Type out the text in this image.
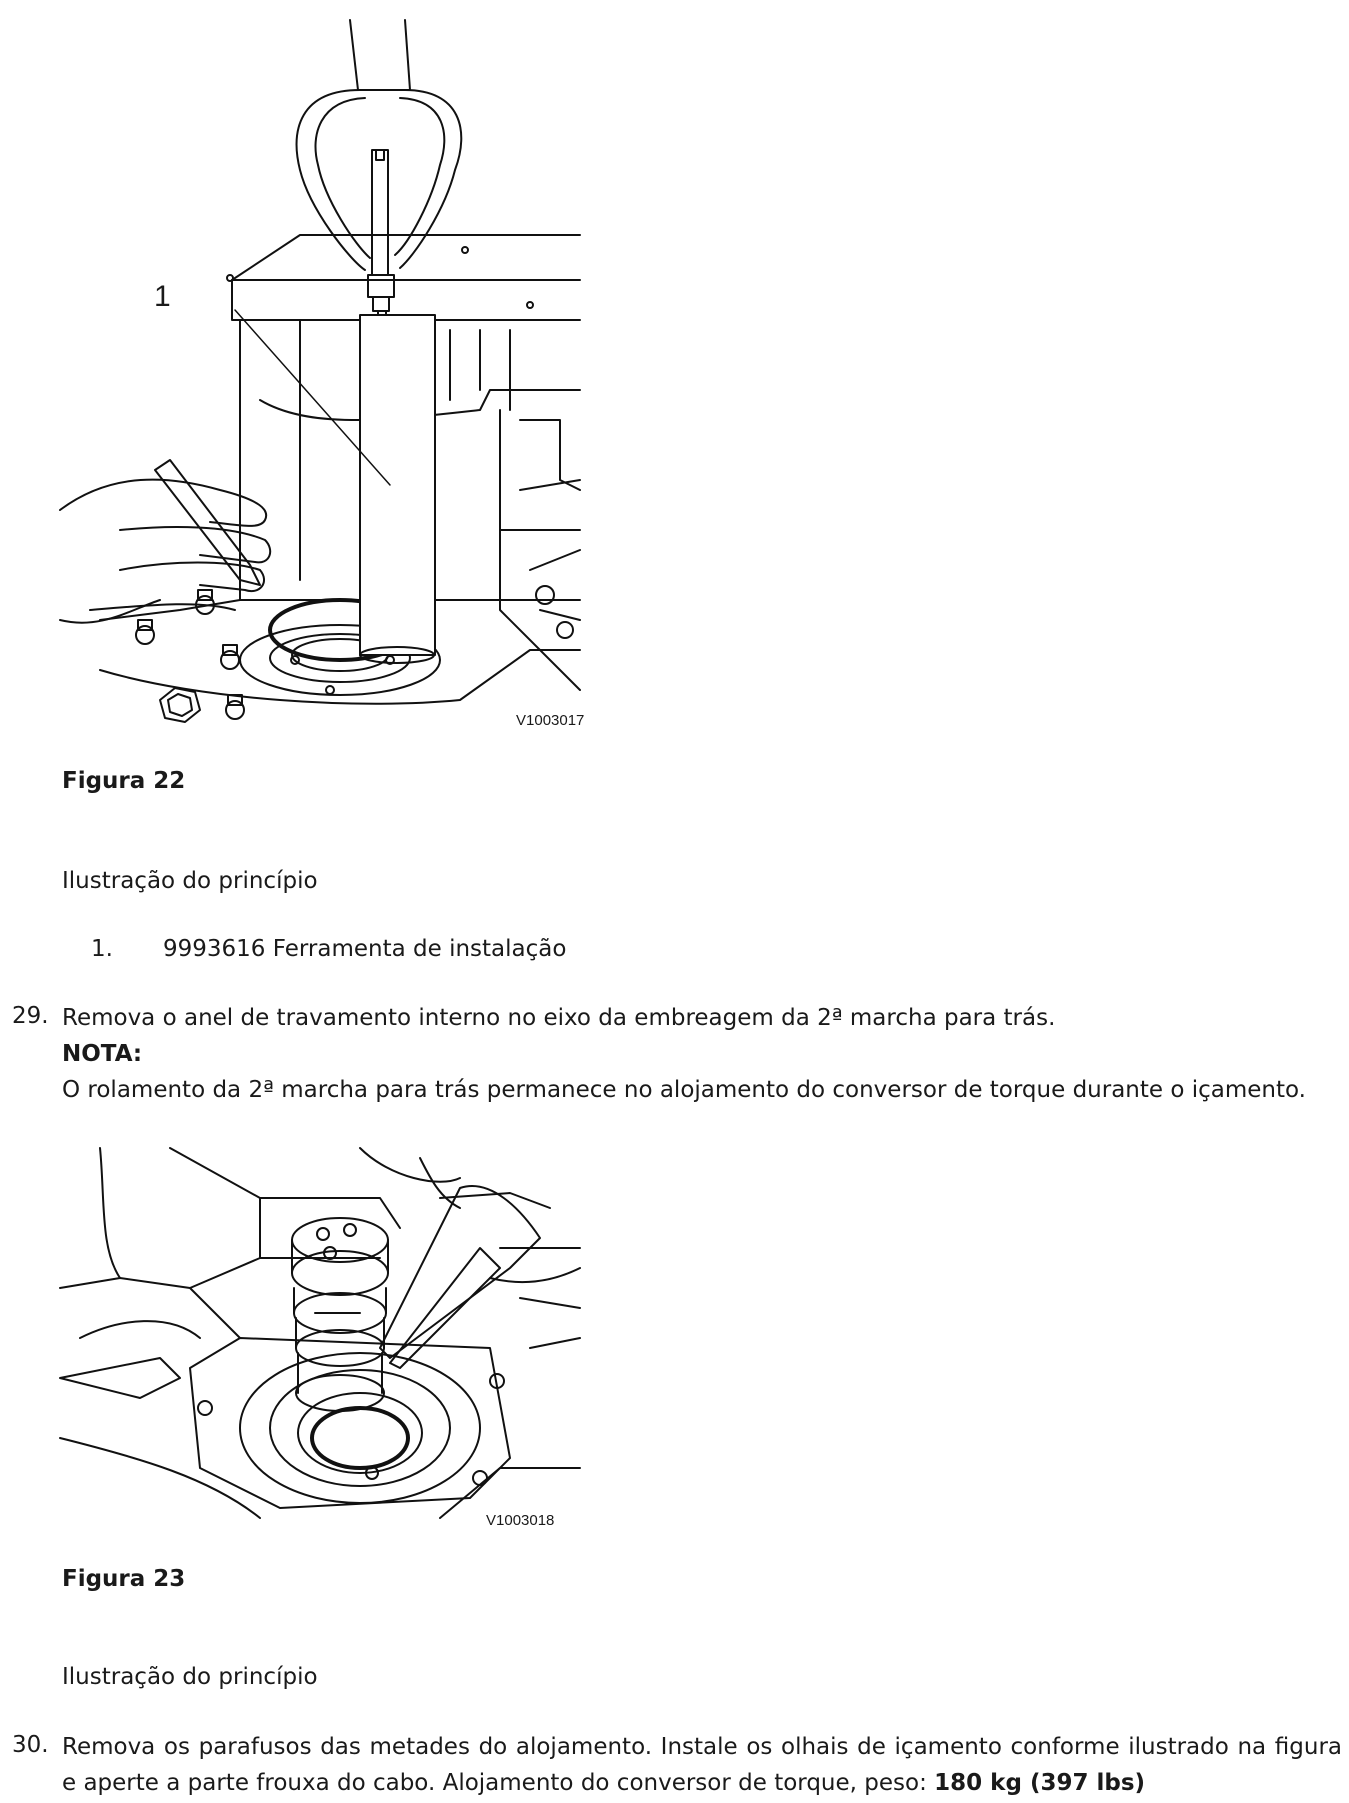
1
V1003017
Figura 22
Ilustração do princípio
1. 9993616 Ferramenta de instalação
29. Remova o anel de travamento interno no eixo da embreagem da 2ª marcha para trás.
NOTA:
O rolamento da 2ª marcha para trás permanece no alojamento do conversor de torque durante o içamento.
V1003018
Figura 23
Ilustração do princípio
30. Remova os parafusos das metades do alojamento. Instale os olhais de içamento conforme ilustrado na figura e aperte a parte frouxa do cabo. Alojamento do conversor de torque, peso: 180 kg (397 lbs)
